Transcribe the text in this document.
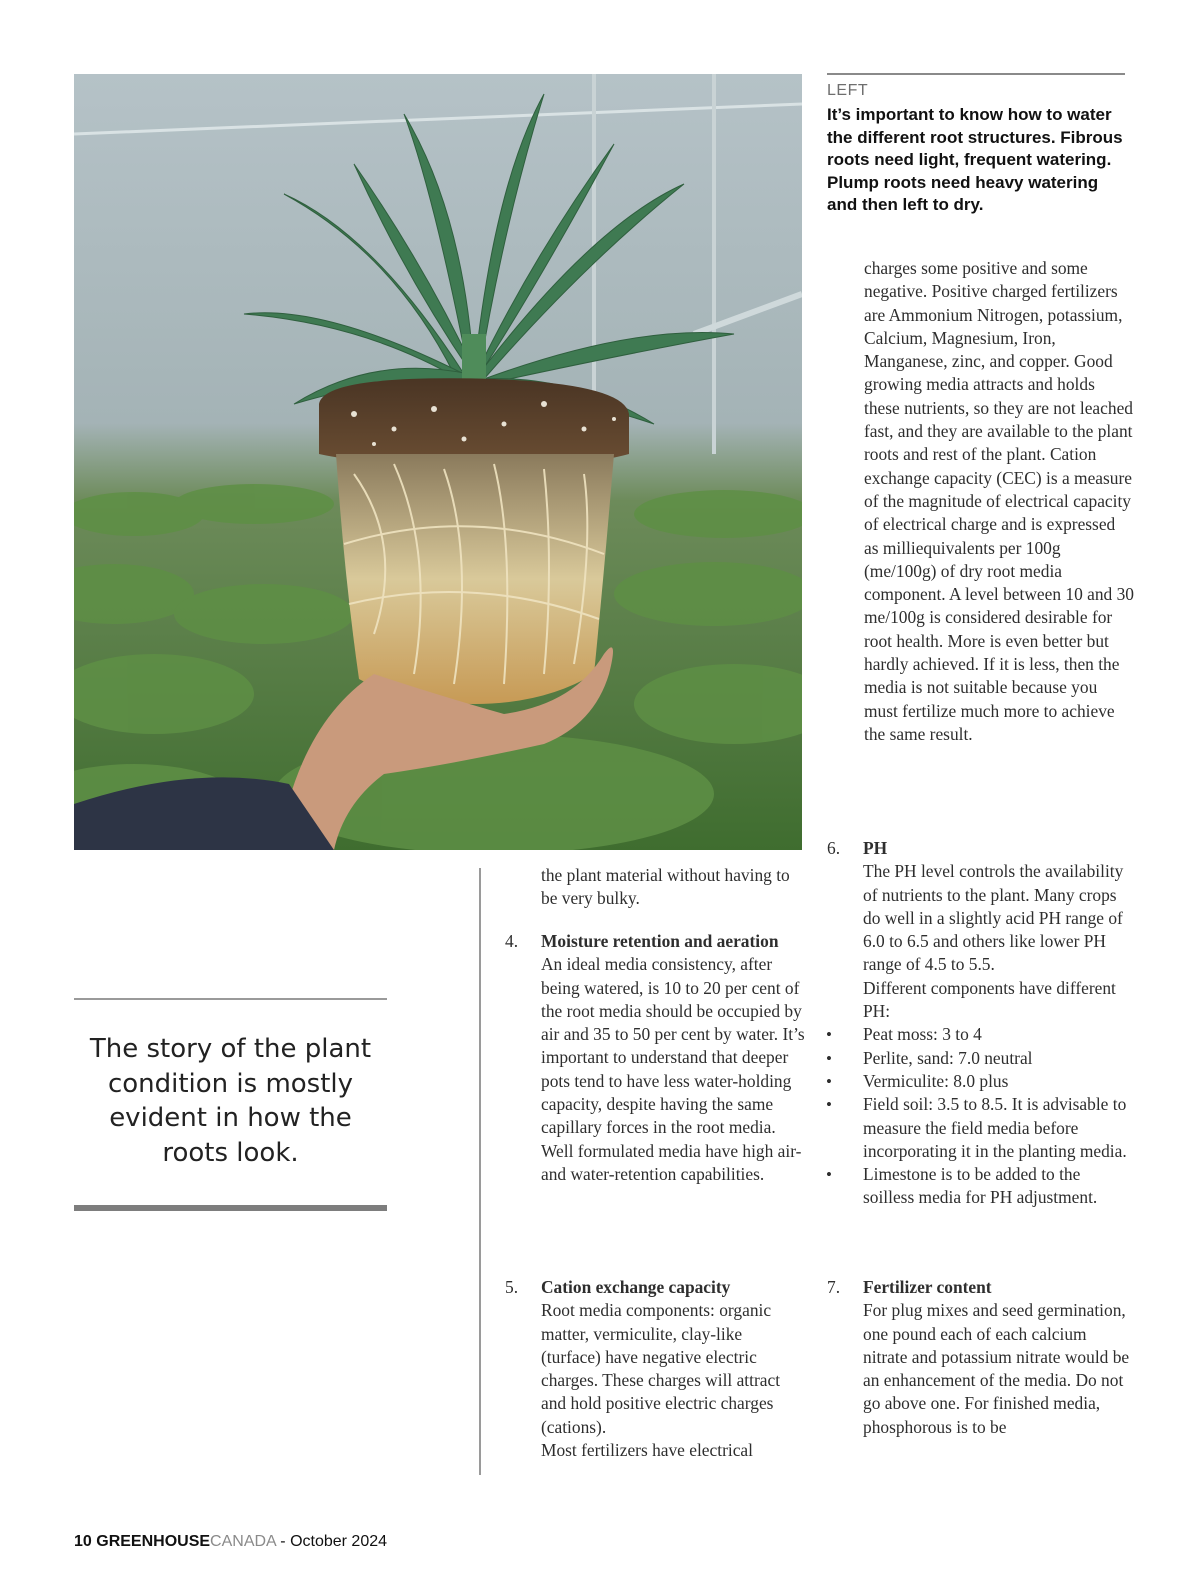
LEFT
It’s important to know how to water the different root structures. Fibrous roots need light, frequent watering. Plump roots need heavy watering and then left to dry.
charges some positive and some negative. Positive charged fertilizers are Ammonium Nitrogen, potassium, Calcium, Magnesium, Iron, Manganese, zinc, and copper. Good growing media attracts and holds these nutrients, so they are not leached fast, and they are available to the plant roots and rest of the plant. Cation exchange capacity (CEC) is a measure of the magnitude of electrical capacity of electrical charge and is expressed as milliequivalents per 100g (me/100g) of dry root media component. A level between 10 and 30 me/100g is considered desirable for root health. More is even better but hardly achieved. If it is less, then the media is not suitable because you must fertilize much more to achieve the same result.
the plant material without having to be very bulky.
4. Moisture retention and aeration
An ideal media consistency, after being watered, is 10 to 20 per cent of the root media should be occupied by air and 35 to 50 per cent by water. It’s important to understand that deeper pots tend to have less water-holding capacity, despite having the same capillary forces in the root media. Well formulated media have high air- and water-retention capabilities.
5. Cation exchange capacity
Root media components: organic matter, vermiculite, clay-like (turface) have negative electric charges. These charges will attract and hold positive electric charges (cations).
Most fertilizers have electrical
6. PH
The PH level controls the availability of nutrients to the plant. Many crops do well in a slightly acid PH range of 6.0 to 6.5 and others like lower PH range of 4.5 to 5.5.
Different components have different PH:
• Peat moss: 3 to 4
• Perlite, sand: 7.0 neutral
• Vermiculite: 8.0 plus
• Field soil: 3.5 to 8.5. It is advisable to measure the field media before incorporating it in the planting media.
• Limestone is to be added to the soilless media for PH adjustment.
7. Fertilizer content
For plug mixes and seed germination, one pound each of each calcium nitrate and potassium nitrate would be an enhancement of the media. Do not go above one. For finished media, phosphorous is to be
The story of the plant condition is mostly evident in how the roots look.
10 GREENHOUSECANADA - October 2024
